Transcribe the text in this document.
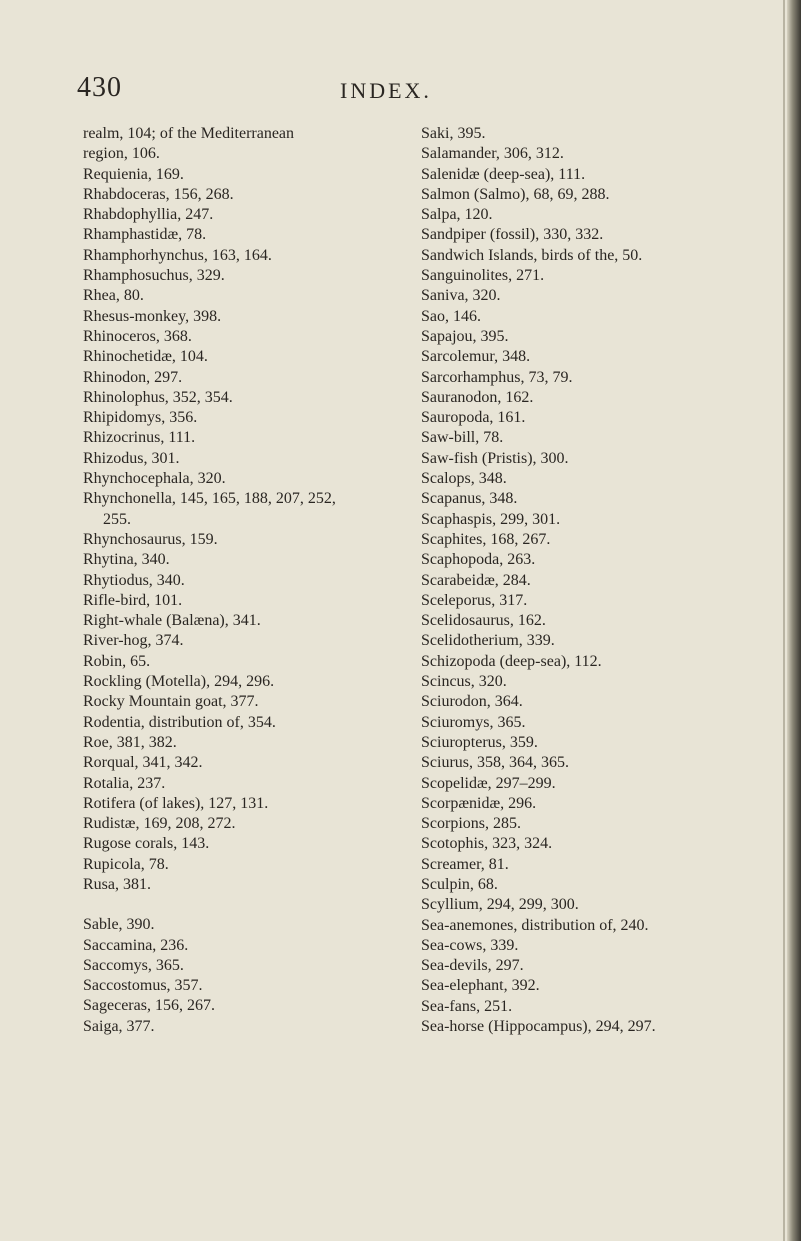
430	INDEX.
realm, 104; of the Mediterranean
region, 106.
Requienia, 169.
Rhabdoceras, 156, 268.
Rhabdophyllia, 247.
Rhamphastidæ, 78.
Rhamphorhynchus, 163, 164.
Rhamphosuchus, 329.
Rhea, 80.
Rhesus-monkey, 398.
Rhinoceros, 368.
Rhinochetidæ, 104.
Rhinodon, 297.
Rhinolophus, 352, 354.
Rhipidomys, 356.
Rhizocrinus, 111.
Rhizodus, 301.
Rhynchocephala, 320.
Rhynchonella, 145, 165, 188, 207, 252,
255.
Rhynchosaurus, 159.
Rhytina, 340.
Rhytiodus, 340.
Rifle-bird, 101.
Right-whale (Balæna), 341.
River-hog, 374.
Robin, 65.
Rockling (Motella), 294, 296.
Rocky Mountain goat, 377.
Rodentia, distribution of, 354.
Roe, 381, 382.
Rorqual, 341, 342.
Rotalia, 237.
Rotifera (of lakes), 127, 131.
Rudistæ, 169, 208, 272.
Rugose corals, 143.
Rupicola, 78.
Rusa, 381.
Sable, 390.
Saccamina, 236.
Saccomys, 365.
Saccostomus, 357.
Sageceras, 156, 267.
Saiga, 377.
Saki, 395.
Salamander, 306, 312.
Salenidæ (deep-sea), 111.
Salmon (Salmo), 68, 69, 288.
Salpa, 120.
Sandpiper (fossil), 330, 332.
Sandwich Islands, birds of the, 50.
Sanguinolites, 271.
Saniva, 320.
Sao, 146.
Sapajou, 395.
Sarcolemur, 348.
Sarcorhamphus, 73, 79.
Sauranodon, 162.
Sauropoda, 161.
Saw-bill, 78.
Saw-fish (Pristis), 300.
Scalops, 348.
Scapanus, 348.
Scaphaspis, 299, 301.
Scaphites, 168, 267.
Scaphopoda, 263.
Scarabeidæ, 284.
Sceleporus, 317.
Scelidosaurus, 162.
Scelidotherium, 339.
Schizopoda (deep-sea), 112.
Scincus, 320.
Sciurodon, 364.
Sciuromys, 365.
Sciuropterus, 359.
Sciurus, 358, 364, 365.
Scopelidæ, 297–299.
Scorpænidæ, 296.
Scorpions, 285.
Scotophis, 323, 324.
Screamer, 81.
Sculpin, 68.
Scyllium, 294, 299, 300.
Sea-anemones, distribution of, 240.
Sea-cows, 339.
Sea-devils, 297.
Sea-elephant, 392.
Sea-fans, 251.
Sea-horse (Hippocampus), 294, 297.
